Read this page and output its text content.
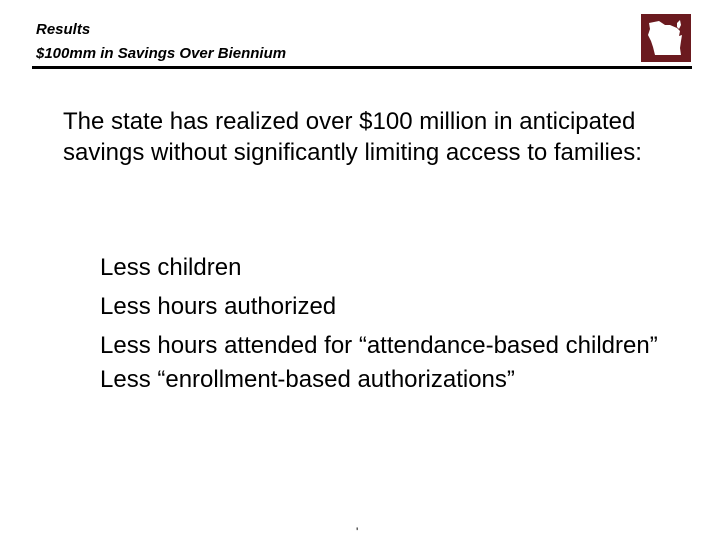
Results
$100mm in Savings Over Biennium
The state has realized over $100 million in anticipated savings without significantly limiting access to families:
Less children
Less hours authorized
Less hours attended for “attendance-based children”
Less “enrollment-based authorizations”
'
